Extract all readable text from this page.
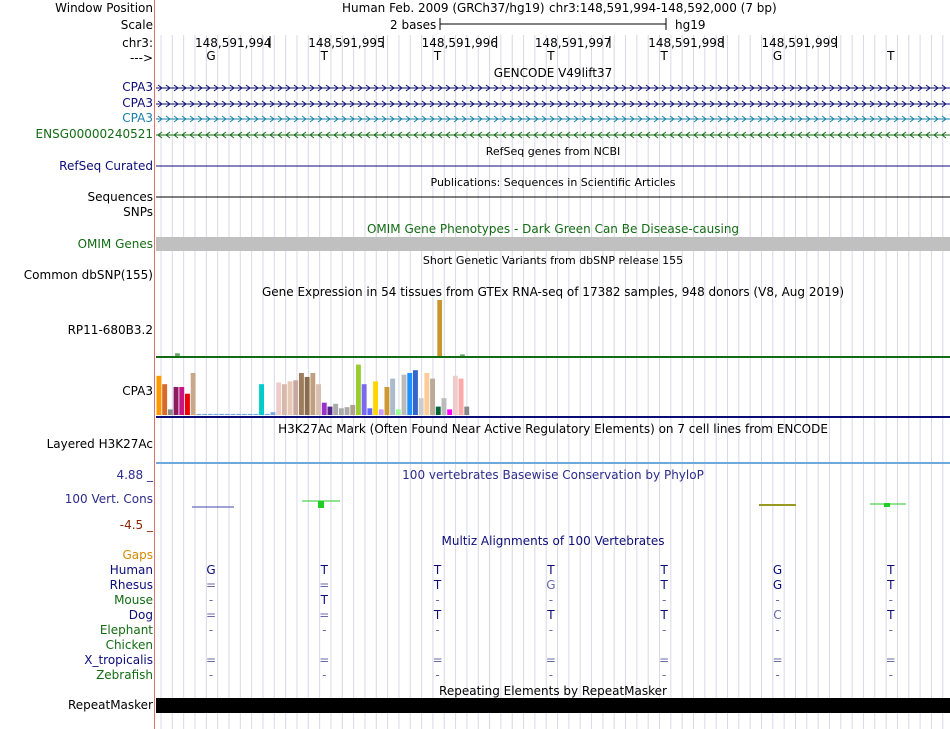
Window Position	Human Feb. 2009 (GRCh37/hg19) chr3:148,591,994-148,592,000 (7 bp)
Scale	2 bases	hg19
chr3:	148,591,994	148,591,995	148,591,996	148,591,997	148,591,998	148,591,999
--->	G	T	T	T	T	G	T
GENCODE V49lift37
CPA3
CPA3
CPA3
ENSG00000240521
RefSeq genes from NCBI
RefSeq Curated
Publications: Sequences in Scientific Articles
Sequences
SNPs
OMIM Gene Phenotypes - Dark Green Can Be Disease-causing
OMIM Genes
Short Genetic Variants from dbSNP release 155
Common dbSNP(155)
Gene Expression in 54 tissues from GTEx RNA-seq of 17382 samples, 948 donors (V8, Aug 2019)
RP11-680B3.2
CPA3
H3K27Ac Mark (Often Found Near Active Regulatory Elements) on 7 cell lines from ENCODE
Layered H3K27Ac
4.88 _	100 vertebrates Basewise Conservation by PhyloP
100 Vert. Cons
-4.5 _
Multiz Alignments of 100 Vertebrates
Gaps
Human	G	T	T	T	T	G	T
Rhesus	=	=	T	G	T	G	T
Mouse	-	T	-	-	-	-	-
Dog	=	=	T	T	T	C	T
Elephant	-	-	-	-	-	-	-
Chicken
X_tropicalis	=	=	=	=	=	=	=
Zebrafish	-	-	-	-	-	-	-
Repeating Elements by RepeatMasker
RepeatMasker
